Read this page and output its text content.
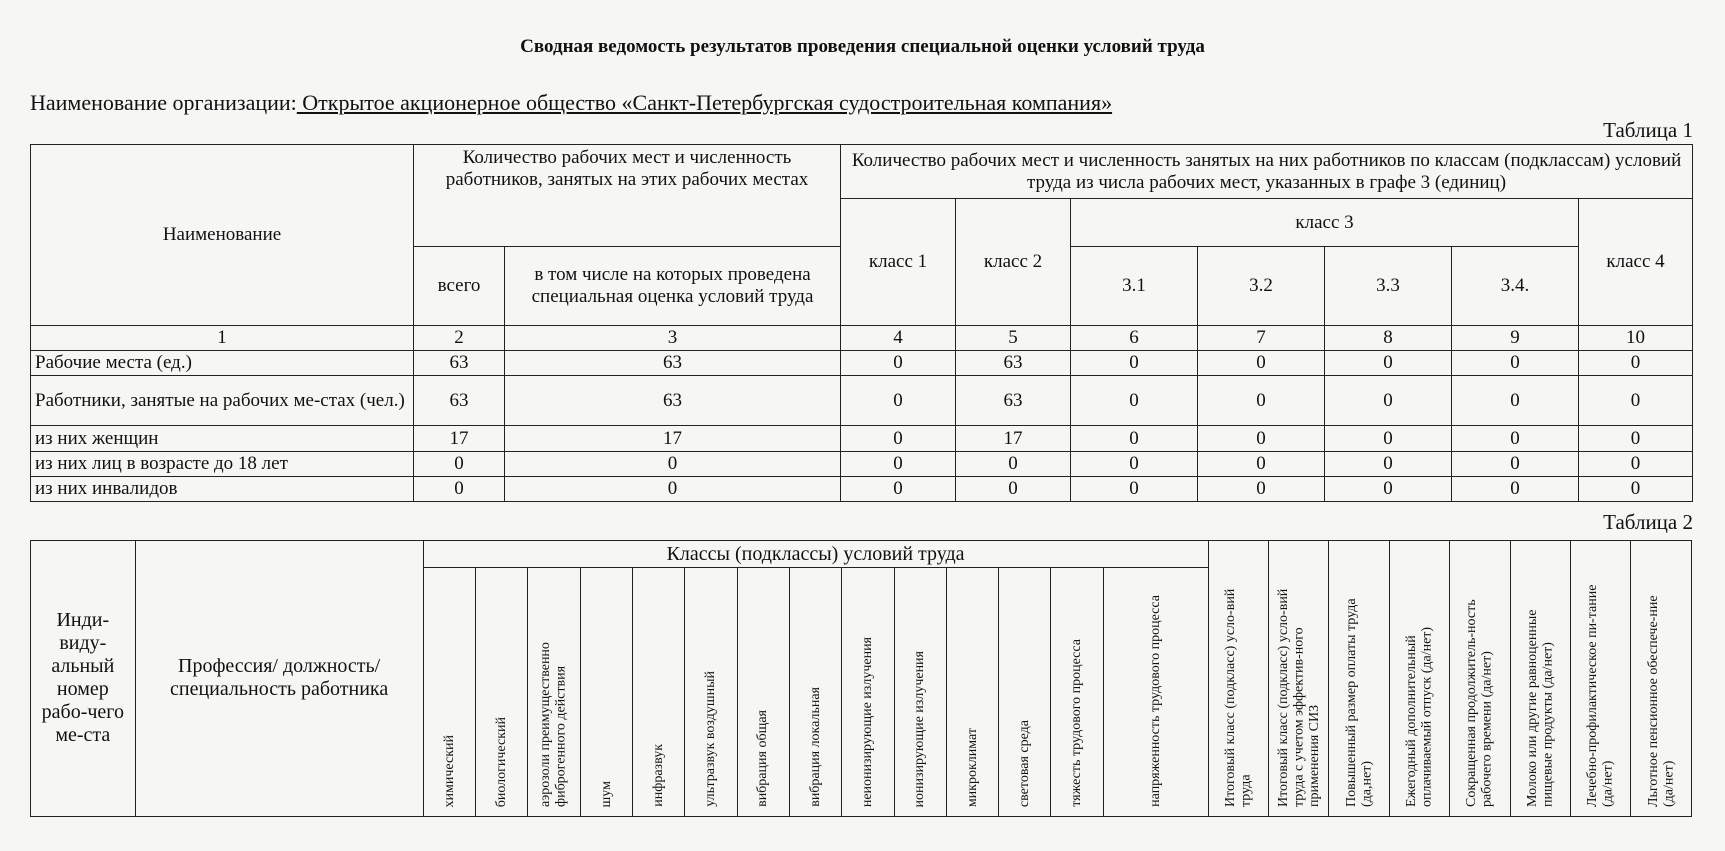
Сводная ведомость результатов проведения специальной оценки условий труда
Наименование организации: Открытое акционерное общество «Санкт-Петербургская судостроительная компания»
Таблица 1
Наименование	Количество рабочих мест и численность работников, занятых на этих рабочих местах		Количество рабочих мест и численность занятых на них работников по классам (подклассам) условий труда из числа рабочих мест, указанных в графе 3 (единиц)						
			класс 1	класс 2	класс 3				класс 4
	всего	в том числе на которых проведена специальная оценка условий труда			3.1	3.2	3.3	3.4.	
1	2	3	4	5	6	7	8	9	10
Рабочие места (ед.)	63	63	0	63	0	0	0	0	0
Работники, занятые на рабочих ме-стах (чел.)	63	63	0	63	0	0	0	0	0
из них женщин	17	17	0	17	0	0	0	0	0
из них лиц в возрасте до 18 лет	0	0	0	0	0	0	0	0	0
из них инвалидов	0	0	0	0	0	0	0	0	0
Таблица 2
Инди-виду-альный номер рабо-чего ме-ста	Профессия/ должность/ специальность работника	Классы (подклассы) условий труда														Итоговый класс (подкласс) усло-вий труда	Итоговый класс (подкласс) усло-вий труда с учетом эффектив-ного применения СИЗ	Повышенный размер оплаты труда (да,нет)	Ежегодный дополнительный оплачиваемый отпуск (да/нет)	Сокращенная продолжитель-ность рабочего времени (да/нет)	Молоко или другие равноценные пищевые продукты (да/нет)	Лечебно-профилактическое пи-тание (да/нет)	Льготное пенсионное обеспече-ние (да/нет)
		химический	биологический	аэрозоли преимущественно фиброгенного действия	шум	инфразвук	ультразвук воздушный	вибрация общая	вибрация локальная	неионизирующие излучения	ионизирующие излучения	микроклимат	световая среда	тяжесть трудового процесса	напряженность трудового процесса								
